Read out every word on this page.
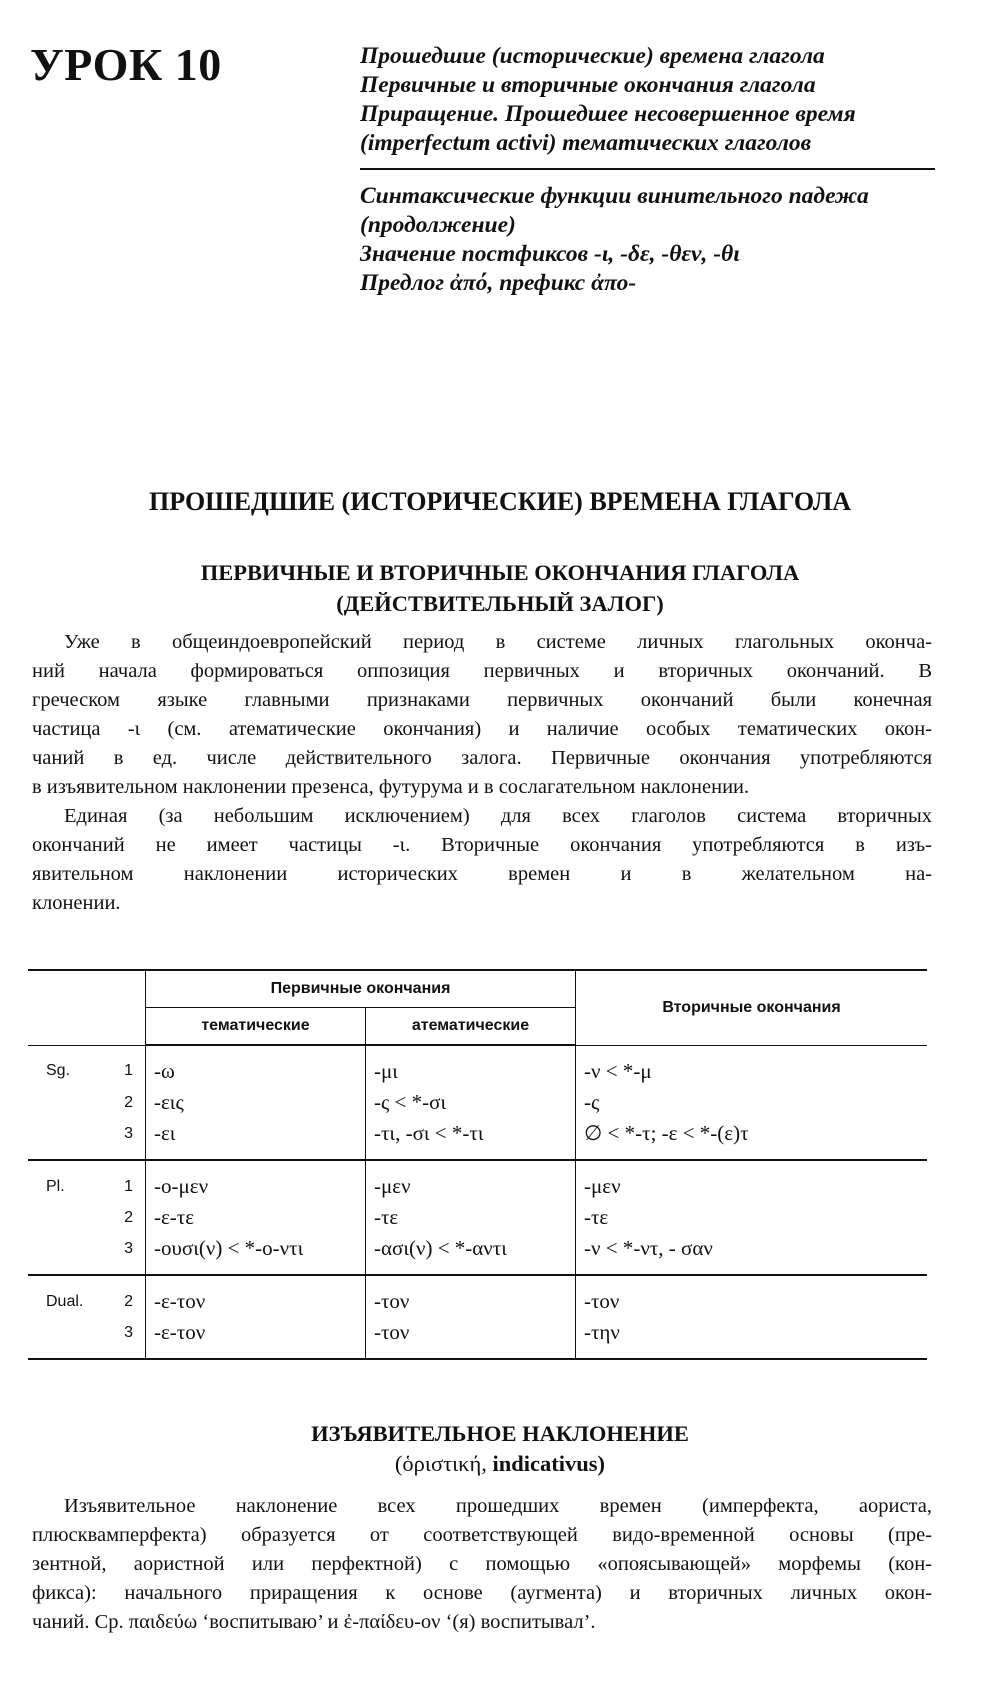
УРОК 10	Прошедшие (исторические) времена глагола
Первичные и вторичные окончания глагола
Приращение. Прошедшее несовершенное время
(imperfectum activi) тематических глаголов
Синтаксические функции винительного падежа
(продолжение)
Значение постфиксов -ι, -δε, -θεν, -θι
Предлог ἀπό, префикс ἀπο-
ПРОШЕДШИЕ (ИСТОРИЧЕСКИЕ) ВРЕМЕНА ГЛАГОЛА
ПЕРВИЧНЫЕ И ВТОРИЧНЫЕ ОКОНЧАНИЯ ГЛАГОЛА
(ДЕЙСТВИТЕЛЬНЫЙ ЗАЛОГ)
Уже в общеиндоевропейский период в системе личных глагольных оконча-
ний начала формироваться оппозиция первичных и вторичных окончаний. В
греческом языке главными признаками первичных окончаний были конечная
частица -ι (см. атематические окончания) и наличие особых тематических окон-
чаний в ед. числе действительного залога. Первичные окончания употребляются
в изъявительном наклонении презенса, футурума и в сослагательном наклонении.
Единая (за небольшим исключением) для всех глаголов система вторичных
окончаний не имеет частицы -ι. Вторичные окончания употребляются в изъ-
явительном наклонении исторических времен и в желательном на-
клонении.
	Первичные окончания		Вторичные окончания
	тематические	атематические	

Sg. 1	-ω	-μι	-ν < *-μ
2	-εις	-ς < *-σι	-ς
3	-ει	-τι, -σι < *-τι	∅ < *-τ; -ε < *-(ε)τ

Pl. 1	-ο-μεν	-μεν	-μεν
2	-ε-τε	-τε	-τε
3	-ουσι(ν) < *-ο-ντι	-ασι(ν) < *-αντι	-ν < *-ντ, - σαν

Dual. 2	-ε-τον	-τον	-τον
3	-ε-τον	-τον	-την
ИЗЪЯВИТЕЛЬНОЕ НАКЛОНЕНИЕ
(ὁριστική, indicativus)
Изъявительное наклонение всех прошедших времен (имперфекта, аориста,
плюсквамперфекта) образуется от соответствующей видо-временной основы (пре-
зентной, аористной или перфектной) с помощью «опоясывающей» морфемы (кон-
фикса): начального приращения к основе (аугмента) и вторичных личных окон-
чаний. Ср. παιδεύω ‘воспитываю’ и ἐ-παίδευ-ον ‘(я) воспитывал’.
